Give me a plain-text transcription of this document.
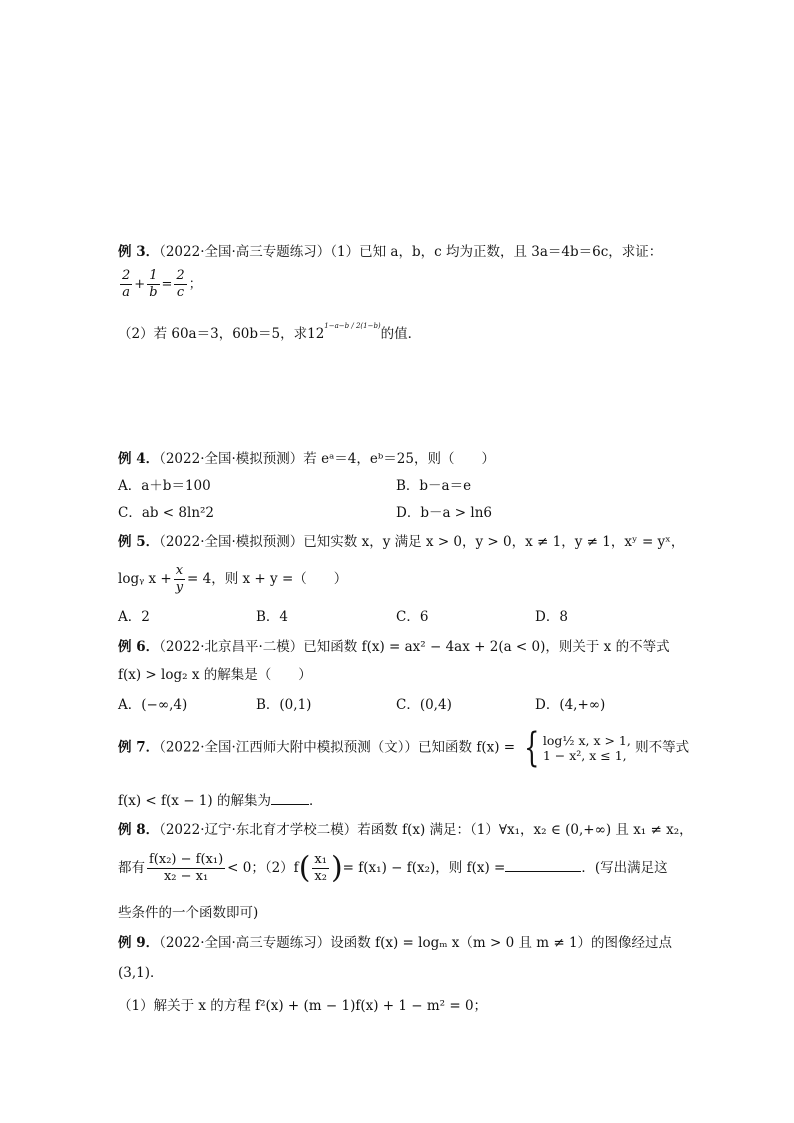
例 3．（2022·全国·高三专题练习）（1）已知 a，b，c 均为正数，且 3a＝4b＝6c，求证：
$\frac{2}{a} + \frac{1}{b} = \frac{2}{c}$ ；
（2）若 60a＝3，60b＝5，求$12^{1-a-b / 2(1-b)}$的值．
例 4．（2022·全国·模拟预测）若 eᵃ＝4，eᵇ＝25，则（　　）
A．a＋b＝100	B．b－a＝e
C．ab < 8ln²2	D．b－a > ln6
例 5．（2022·全国·模拟预测）已知实数 x，y 满足 x > 0，y > 0，x ≠ 1，y ≠ 1，xʸ = yˣ，
logᵧ $x + \frac{x}{y} = 4$，则 x + y =（　　）
A．2	B．4	C．6	D．8
例 6．（2022·北京昌平·二模）已知函数 f(x) = ax² − 4ax + 2(a < 0)，则关于 x 的不等式
f(x) > log₂ x 的解集是（　　）
A．(−∞,4)	B．(0,1)	C．(0,4)	D．(4,+∞)
例 7．（2022·全国·江西师大附中模拟预测（文））已知函数 f(x) = { log½ x, x > 1,
1 − x², x ≤ 1, 则不等式
f(x) < f(x − 1) 的解集为	．
例 8．（2022·辽宁·东北育才学校二模）若函数 f(x) 满足：（1）∀x₁，x₂ ∈ (0,+∞) 且 x₁ ≠ x₂，
都有 $\frac{\text{f(x₂) − f(x₁)}}{\text{x₂ − x₁}} < 0$；$(2)f( \frac{\text{x₁}}{\text{x₂}}$ )= f(x₁) − f(x₂)，则 f(x) =	．(写出满足这
些条件的一个函数即可)
例 9．（2022·全国·高三专题练习）设函数 f(x) = logₘ x（m > 0 且 m ≠ 1）的图像经过点
(3,1)．
（1）解关于 x 的方程 f²(x) + (m − 1)f(x) + 1 − m² = 0；
